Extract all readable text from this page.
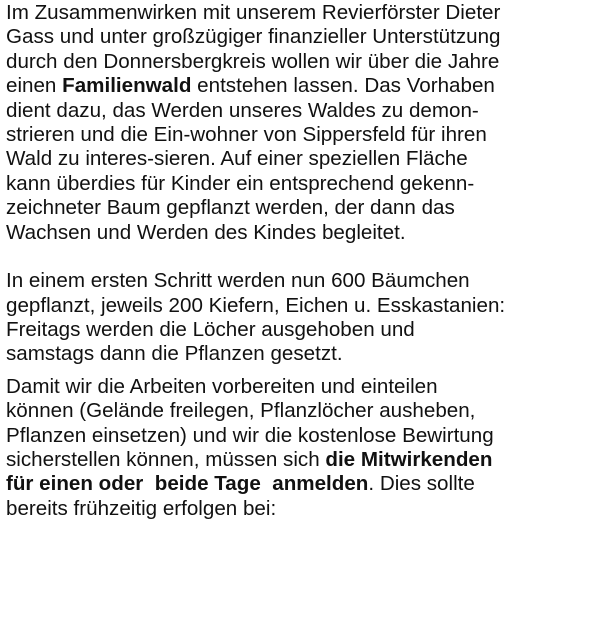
Im Zusammenwirken mit unserem Revierförster Dieter
Gass und unter großzügiger finanzieller Unterstützung
durch den Donnersbergkreis wollen wir über die Jahre
einen Familienwald entstehen lassen. Das Vorhaben
dient dazu, das Werden unseres Waldes zu demon-
strieren und die Ein-wohner von Sippersfeld für ihren
Wald zu interes-sieren. Auf einer speziellen Fläche
kann überdies für Kinder ein entsprechend gekenn-
zeichneter Baum gepflanzt werden, der dann das
Wachsen und Werden des Kindes begleitet.
In einem ersten Schritt werden nun 600 Bäumchen
gepflanzt, jeweils 200 Kiefern, Eichen u. Esskastanien:
Freitags werden die Löcher ausgehoben und
samstags dann die Pflanzen gesetzt.
Damit wir die Arbeiten vorbereiten und einteilen
können (Gelände freilegen, Pflanzlöcher ausheben,
Pflanzen einsetzen) und wir die kostenlose Bewirtung
sicherstellen können, müssen sich die Mitwirkenden
für einen oder  beide Tage  anmelden. Dies sollte
bereits frühzeitig erfolgen bei:
